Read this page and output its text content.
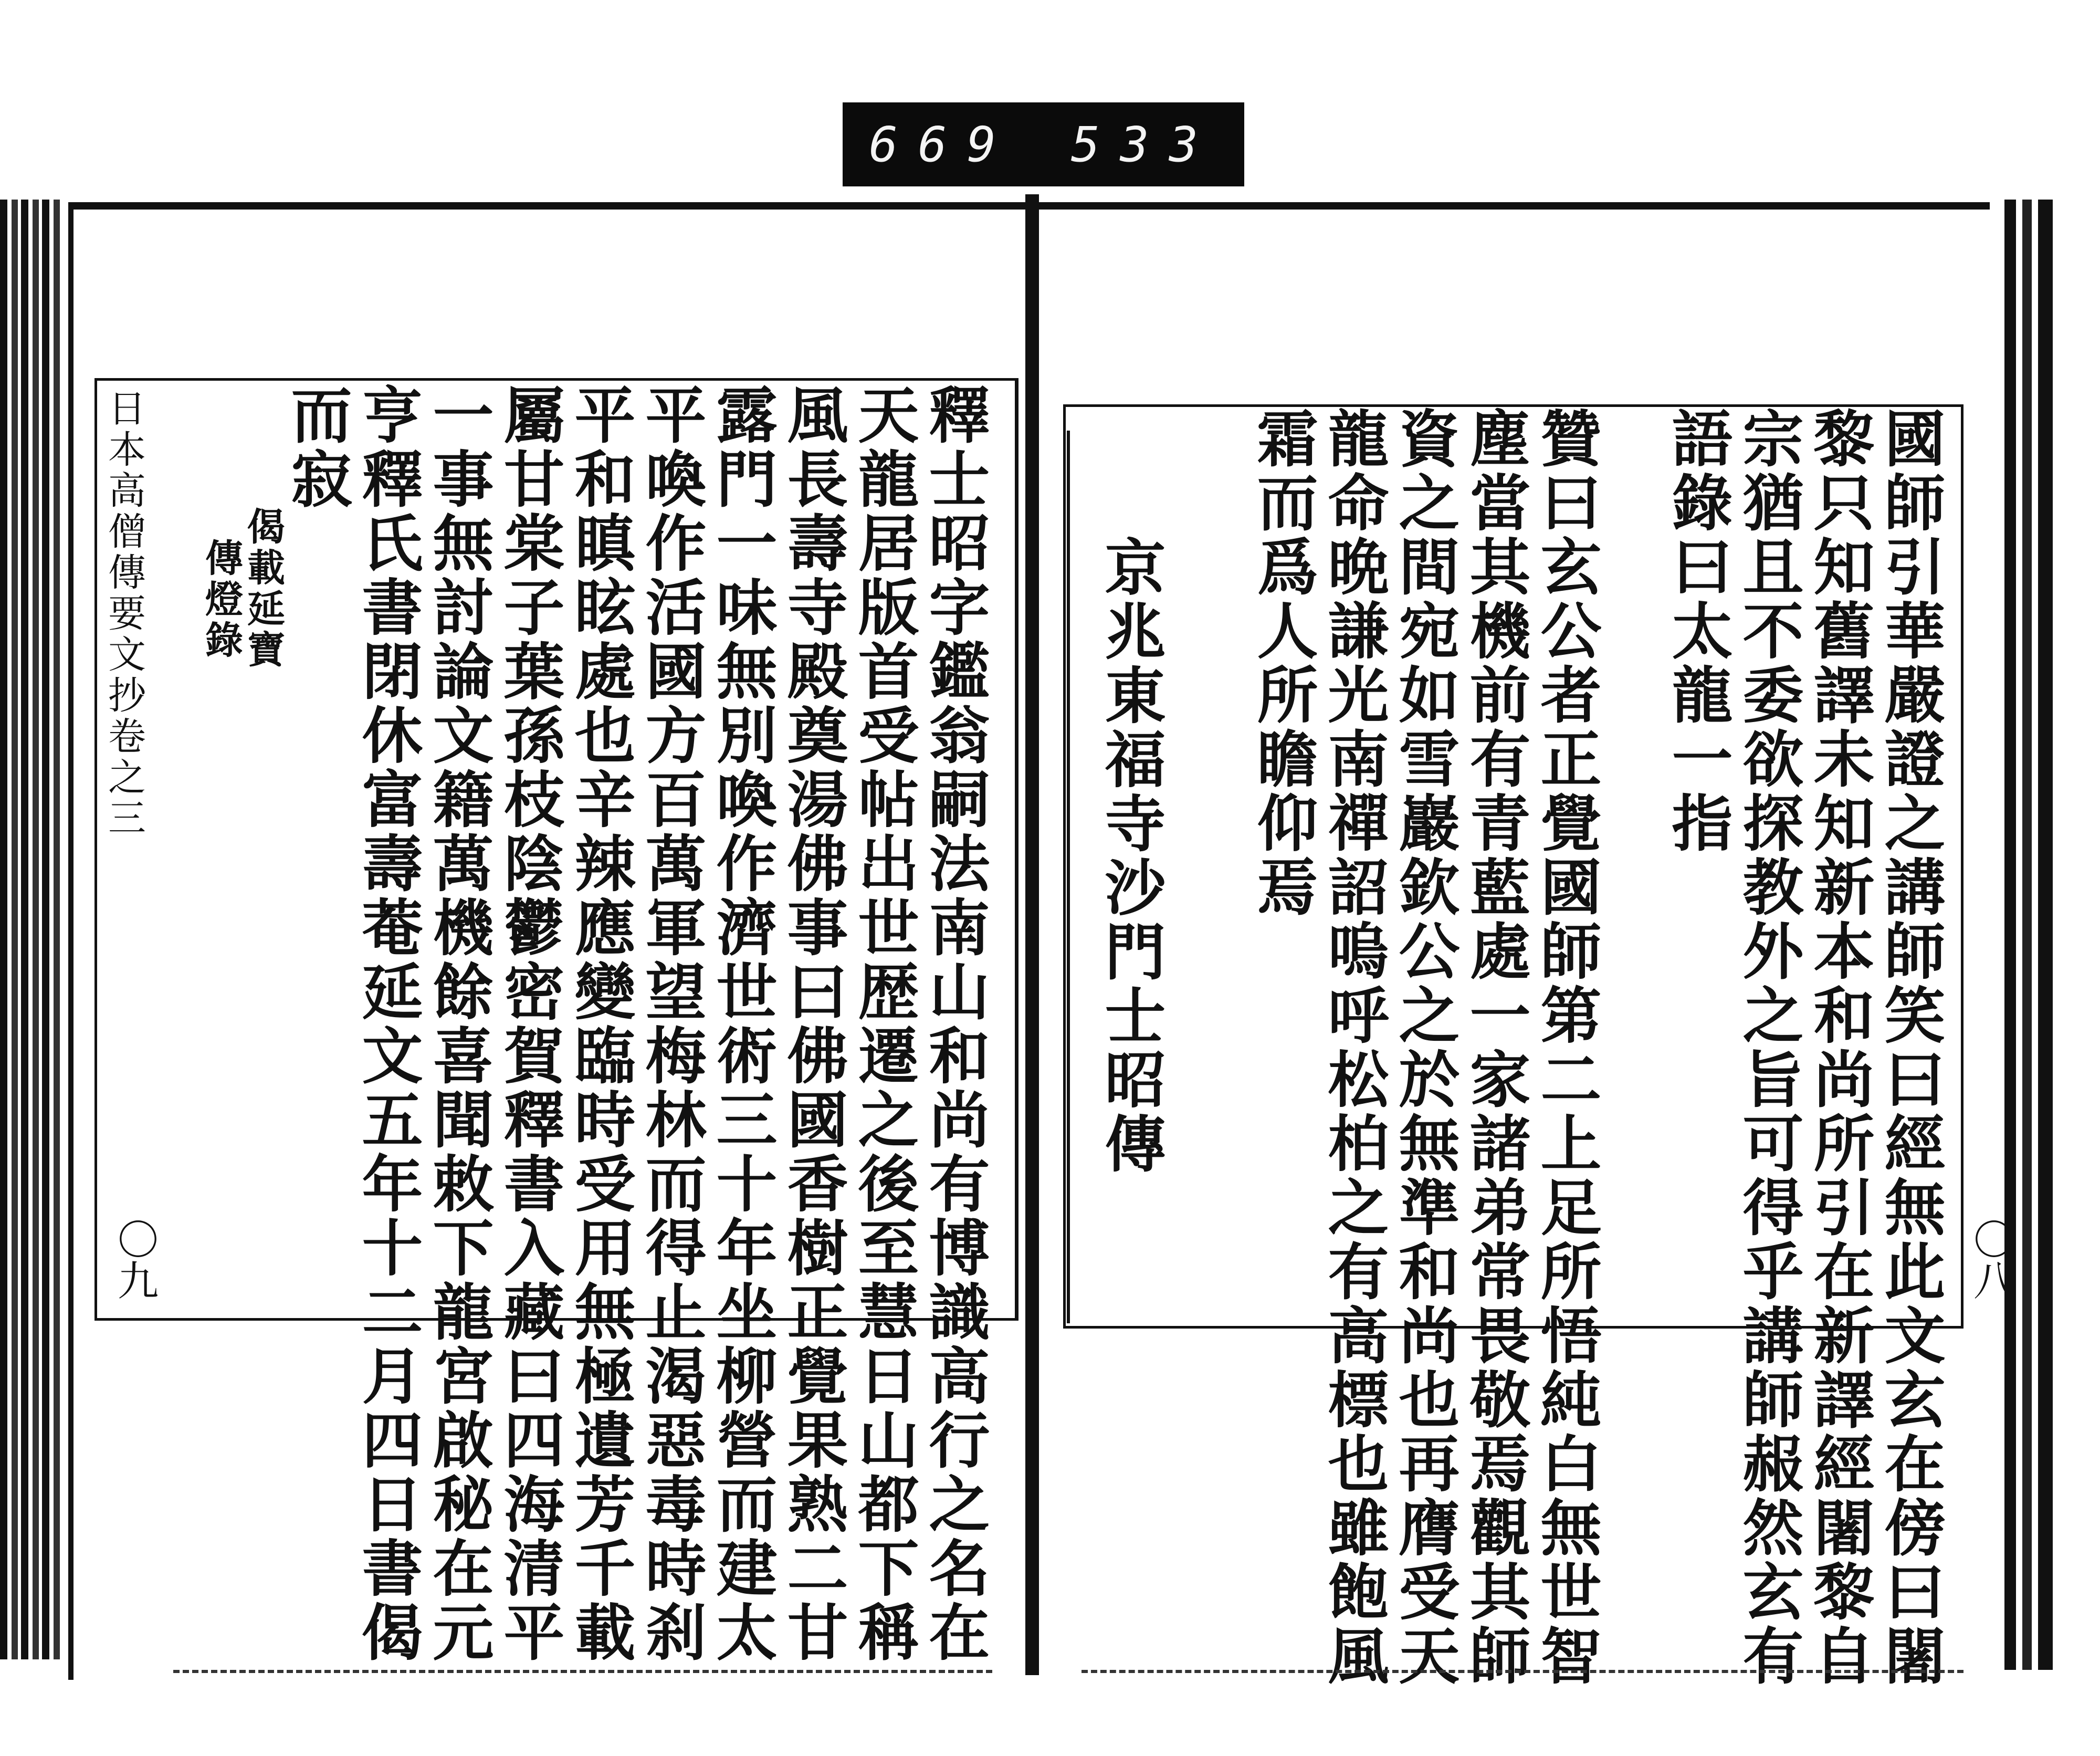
669 533
國師引華嚴證之講師笑曰經無此文玄在傍曰闍
黎只知舊譯未知新本和尚所引在新譯經闍黎自
宗猶且不委欲探教外之旨可得乎講師赧然玄有
語錄曰太龍一指
贊曰玄公者正覺國師第二上足所悟純白無世智
塵當其機前有青藍處一家諸弟常畏敬焉觀其師
資之間宛如雪巖欽公之於無準和尚也再膺受天
龍命晩謙光南禪詔嗚呼松柏之有高標也雖飽風
霜而爲人所瞻仰焉
京兆東福寺沙門士昭傳
〇八
釋士昭字鑑翁嗣法南山和尚有博識高行之名在
天龍居版首受帖出世歴遷之後至慧日山都下稱
風長壽寺殿奠湯佛事曰佛國香樹正覺果熟二甘
露門一味無別喚作濟世術三十年坐柳營而建太
平喚作活國方百萬軍望梅林而得止渴惡毒時刹
平和瞋眩處也辛辣應變臨時受用無極遺芳千載
屬甘棠子葉孫枝陰鬱密賀釋書入藏曰四海清平
一事無討論文籍萬機餘喜聞敕下龍宮啟秘在元
亨釋氏書閉休富壽菴延文五年十二月四日書偈
而寂
偈載延寶
傳燈錄
日本高僧傳要文抄卷之三
〇九
